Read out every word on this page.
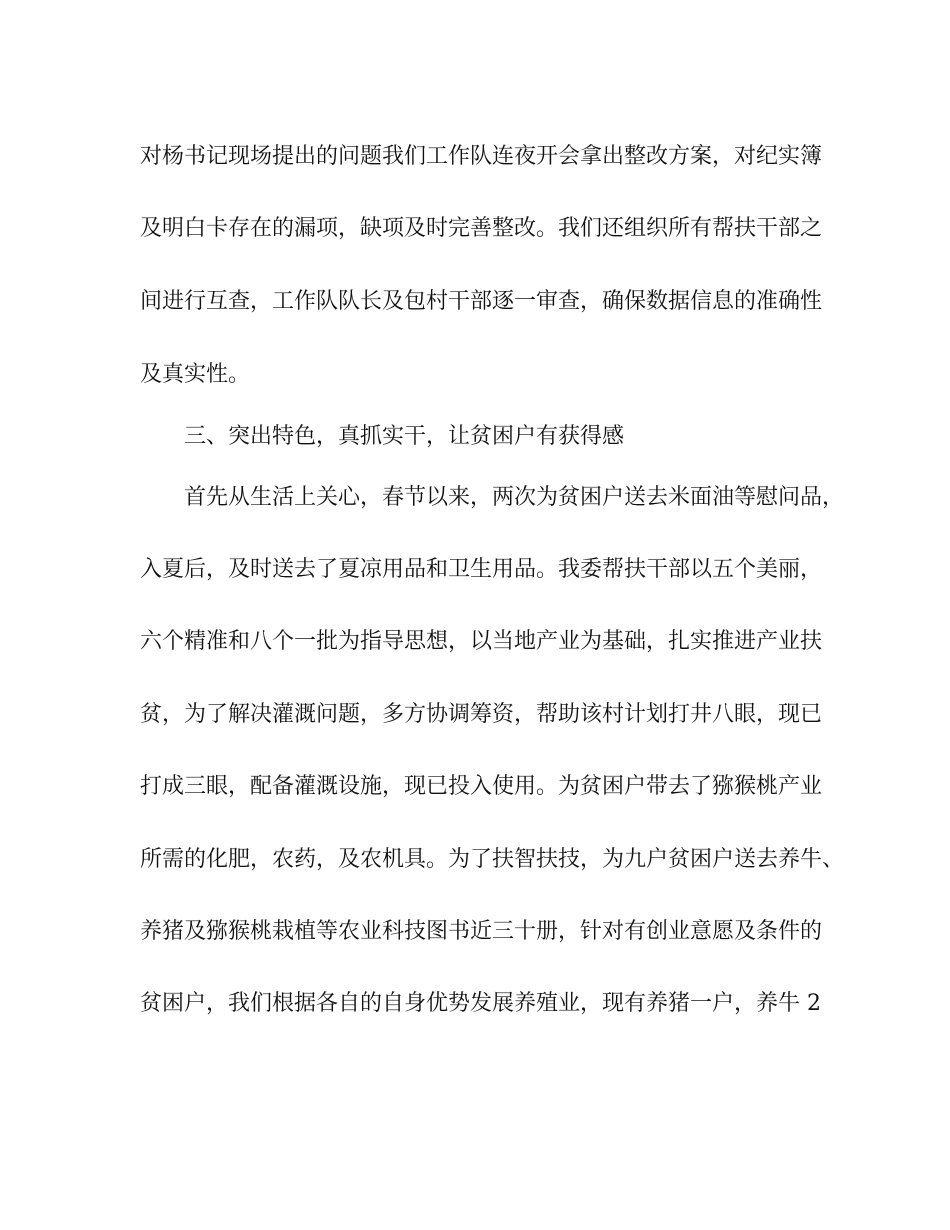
对杨书记现场提出的问题我们工作队连夜开会拿出整改方案，对纪实簿
及明白卡存在的漏项，缺项及时完善整改。我们还组织所有帮扶干部之
间进行互查，工作队队长及包村干部逐一审查，确保数据信息的准确性
及真实性。
三、突出特色，真抓实干，让贫困户有获得感
首先从生活上关心，春节以来，两次为贫困户送去米面油等慰问品，
入夏后，及时送去了夏凉用品和卫生用品。我委帮扶干部以五个美丽，
六个精准和八个一批为指导思想，以当地产业为基础，扎实推进产业扶
贫，为了解决灌溉问题，多方协调筹资，帮助该村计划打井八眼，现已
打成三眼，配备灌溉设施，现已投入使用。为贫困户带去了猕猴桃产业
所需的化肥，农药，及农机具。为了扶智扶技，为九户贫困户送去养牛、
养猪及猕猴桃栽植等农业科技图书近三十册，针对有创业意愿及条件的
贫困户，我们根据各自的自身优势发展养殖业，现有养猪一户，养牛 2
